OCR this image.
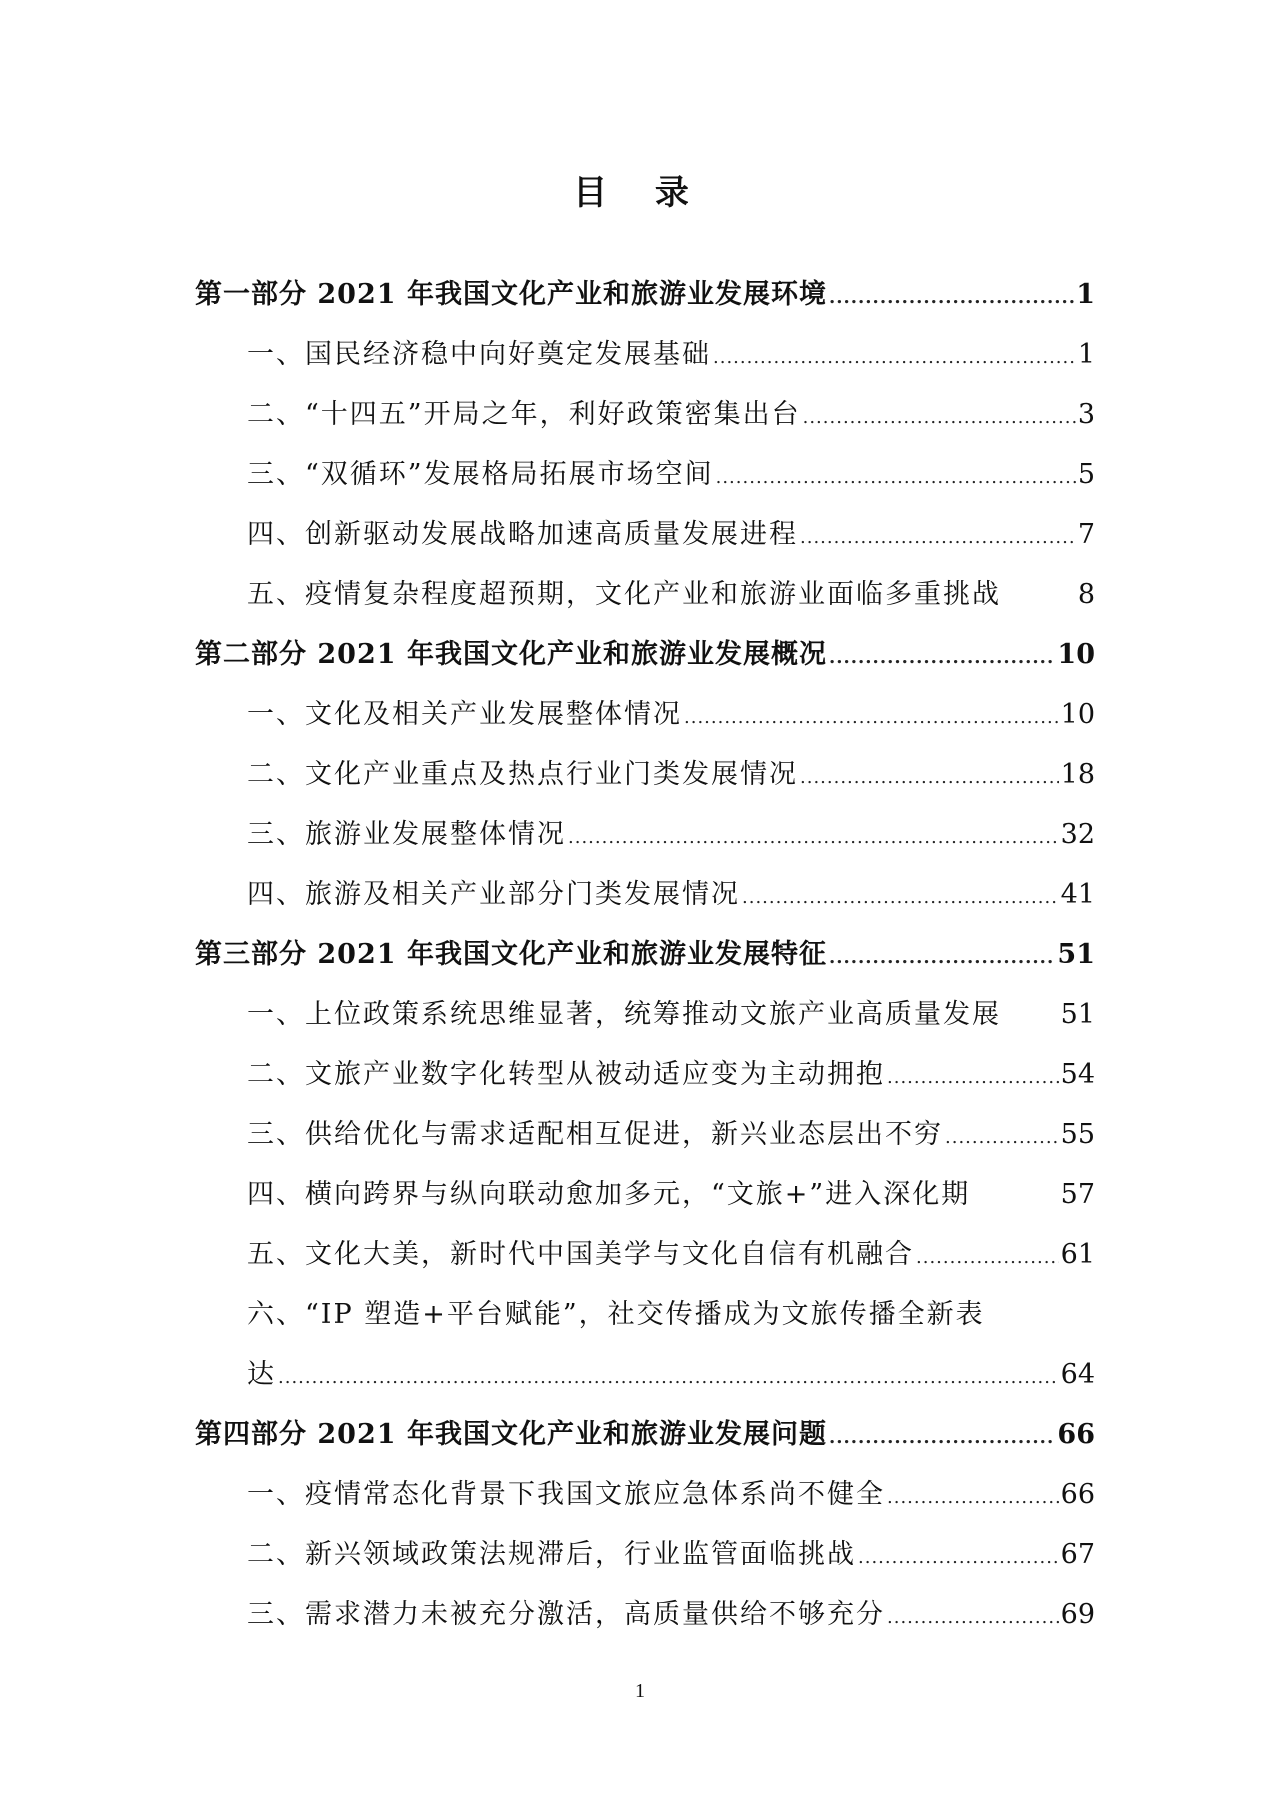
目 录
第一部分 2021 年我国文化产业和旅游业发展环境 .....	1
一、国民经济稳中向好奠定发展基础 .....	1
二、“十四五”开局之年，利好政策密集出台 .....	3
三、“双循环”发展格局拓展市场空间 .....	5
四、创新驱动发展战略加速高质量发展进程 .....	7
五、疫情复杂程度超预期，文化产业和旅游业面临多重挑战	8
第二部分 2021 年我国文化产业和旅游业发展概况 .....	10
一、文化及相关产业发展整体情况 .....	10
二、文化产业重点及热点行业门类发展情况 .....	18
三、旅游业发展整体情况 .....	32
四、旅游及相关产业部分门类发展情况 .....	41
第三部分 2021 年我国文化产业和旅游业发展特征 .....	51
一、上位政策系统思维显著，统筹推动文旅产业高质量发展 51
二、文旅产业数字化转型从被动适应变为主动拥抱 .....	54
三、供给优化与需求适配相互促进，新兴业态层出不穷 .....	55
四、横向跨界与纵向联动愈加多元，“文旅+”进入深化期	57
五、文化大美，新时代中国美学与文化自信有机融合 .....	61
六、“IP 塑造+平台赋能”，社交传播成为文旅传播全新表
达 .....	64
第四部分 2021 年我国文化产业和旅游业发展问题 .....	66
一、疫情常态化背景下我国文旅应急体系尚不健全 .....	66
二、新兴领域政策法规滞后，行业监管面临挑战 .....	67
三、需求潜力未被充分激活，高质量供给不够充分 .....	69
1
